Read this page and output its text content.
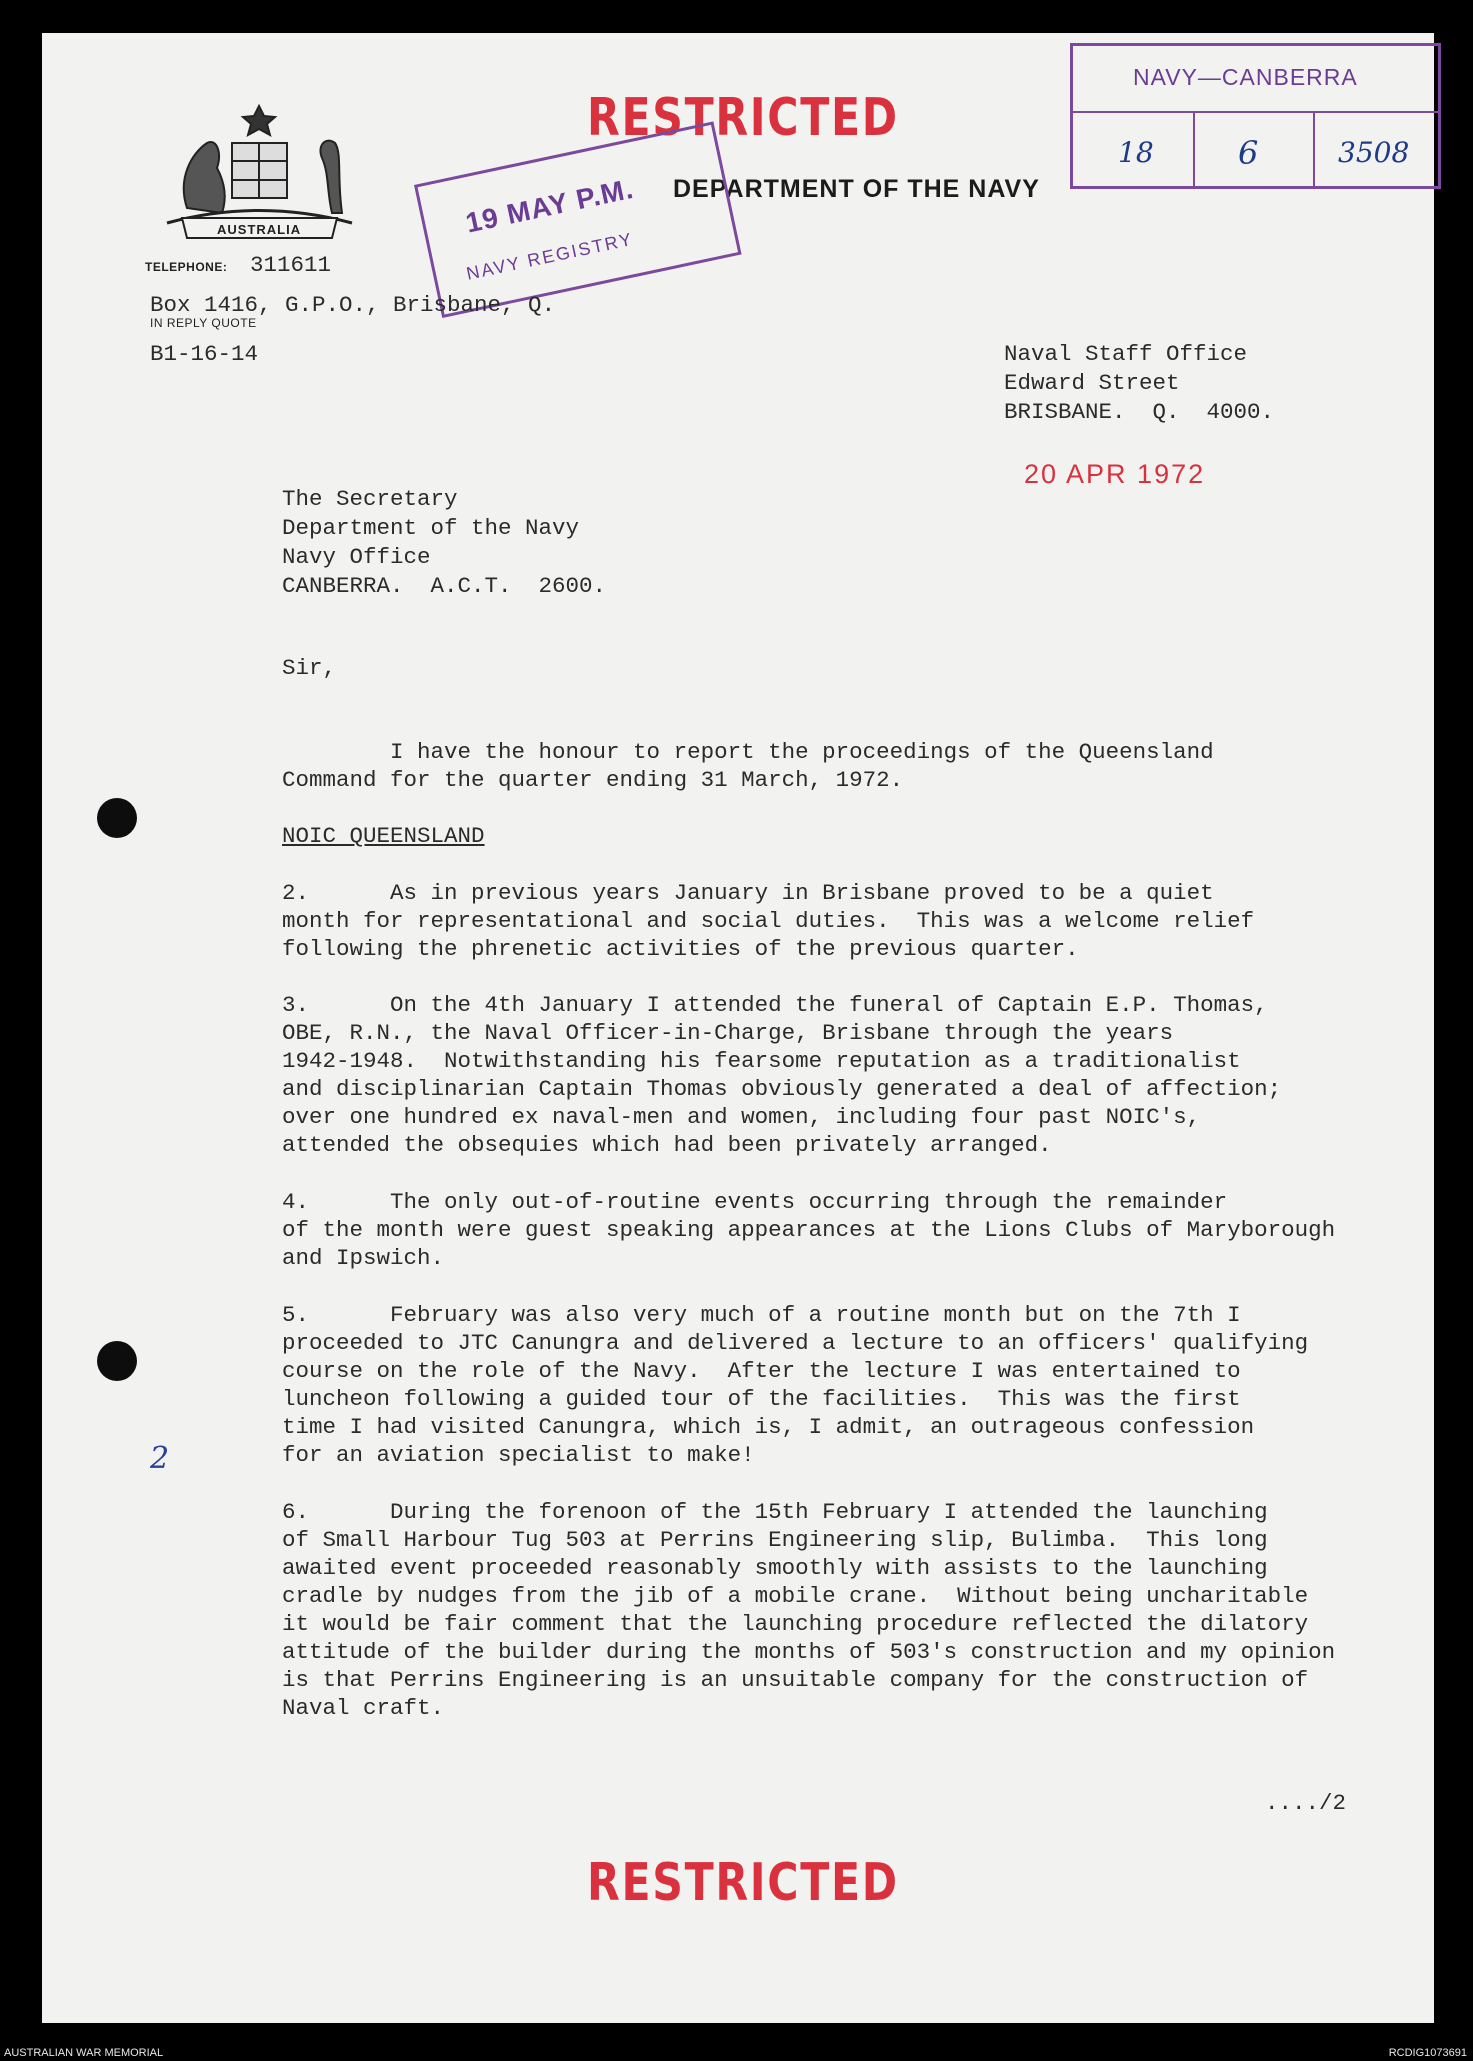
AUSTRALIA
RESTRICTED
DEPARTMENT OF THE NAVY
NAVY—CANBERRA
18	6	3508
19 MAY P.M.
NAVY REGISTRY
TELEPHONE: 311611
Box 1416, G.P.O., Brisbane, Q.
IN REPLY QUOTE
B1-16-14	Naval Staff Office
Edward Street
BRISBANE.  Q.  4000.
20 APR 1972
The Secretary
Department of the Navy
Navy Office
CANBERRA.  A.C.T.  2600.
Sir,
I have the honour to report the proceedings of the Queensland
Command for the quarter ending 31 March, 1972.
NOIC QUEENSLAND
2.      As in previous years January in Brisbane proved to be a quiet
month for representational and social duties.  This was a welcome relief
following the phrenetic activities of the previous quarter.
3.      On the 4th January I attended the funeral of Captain E.P. Thomas,
OBE, R.N., the Naval Officer-in-Charge, Brisbane through the years
1942-1948.  Notwithstanding his fearsome reputation as a traditionalist
and disciplinarian Captain Thomas obviously generated a deal of affection;
over one hundred ex naval-men and women, including four past NOIC's,
attended the obsequies which had been privately arranged.
4.      The only out-of-routine events occurring through the remainder
of the month were guest speaking appearances at the Lions Clubs of Maryborough
and Ipswich.
5.      February was also very much of a routine month but on the 7th I
proceeded to JTC Canungra and delivered a lecture to an officers' qualifying
course on the role of the Navy.  After the lecture I was entertained to
luncheon following a guided tour of the facilities.  This was the first
time I had visited Canungra, which is, I admit, an outrageous confession
for an aviation specialist to make!
2
6.      During the forenoon of the 15th February I attended the launching
of Small Harbour Tug 503 at Perrins Engineering slip, Bulimba.  This long
awaited event proceeded reasonably smoothly with assists to the launching
cradle by nudges from the jib of a mobile crane.  Without being uncharitable
it would be fair comment that the launching procedure reflected the dilatory
attitude of the builder during the months of 503's construction and my opinion
is that Perrins Engineering is an unsuitable company for the construction of
Naval craft.
..../2
RESTRICTED
AUSTRALIAN WAR MEMORIAL	RCDIG1073691
